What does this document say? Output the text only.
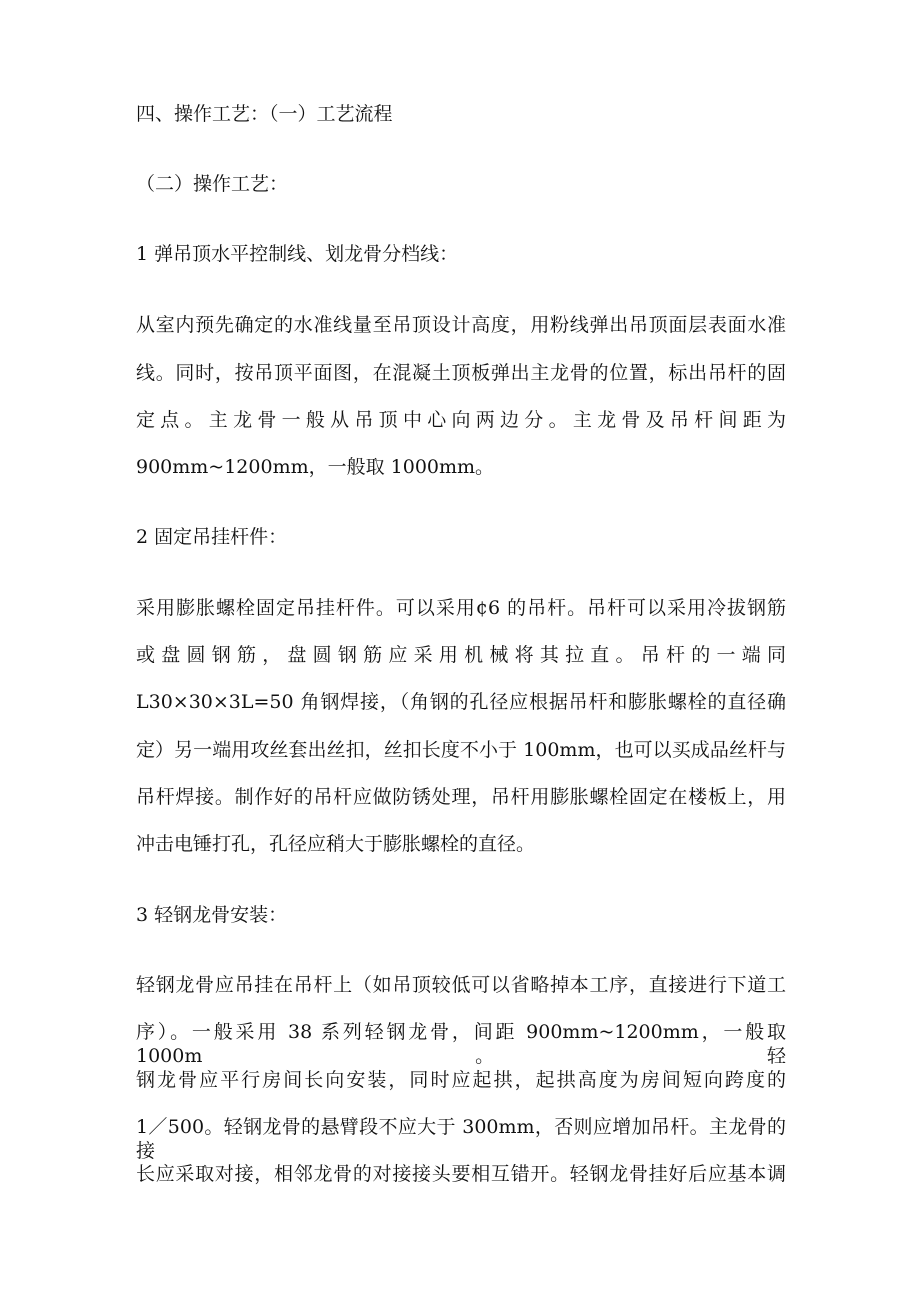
四、操作工艺：（一）工艺流程
（二）操作工艺：
1 弹吊顶水平控制线、划龙骨分档线：
从室内预先确定的水准线量至吊顶设计高度，用粉线弹出吊顶面层表面水准
线。同时，按吊顶平面图，在混凝土顶板弹出主龙骨的位置，标出吊杆的固
定点。主龙骨一般从吊顶中心向两边分。主龙骨及吊杆间距为
900mm~1200mm，一般取 1000mm。
2 固定吊挂杆件：
采用膨胀螺栓固定吊挂杆件。可以采用¢6 的吊杆。吊杆可以采用冷拔钢筋
或盘圆钢筋，盘圆钢筋应采用机械将其拉直。吊杆的一端同
L30×30×3L=50 角钢焊接，（角钢的孔径应根据吊杆和膨胀螺栓的直径确
定）另一端用攻丝套出丝扣，丝扣长度不小于 100mm，也可以买成品丝杆与
吊杆焊接。制作好的吊杆应做防锈处理，吊杆用膨胀螺栓固定在楼板上，用
冲击电锤打孔，孔径应稍大于膨胀螺栓的直径。
3 轻钢龙骨安装：
轻钢龙骨应吊挂在吊杆上（如吊顶较低可以省略掉本工序，直接进行下道工
序）。一般采用 38 系列轻钢龙骨，间距 900mm~1200mm，一般取 1000m。轻
钢龙骨应平行房间长向安装，同时应起拱，起拱高度为房间短向跨度的
1／500。轻钢龙骨的悬臂段不应大于 300mm，否则应增加吊杆。主龙骨的接
长应采取对接，相邻龙骨的对接接头要相互错开。轻钢龙骨挂好后应基本调
